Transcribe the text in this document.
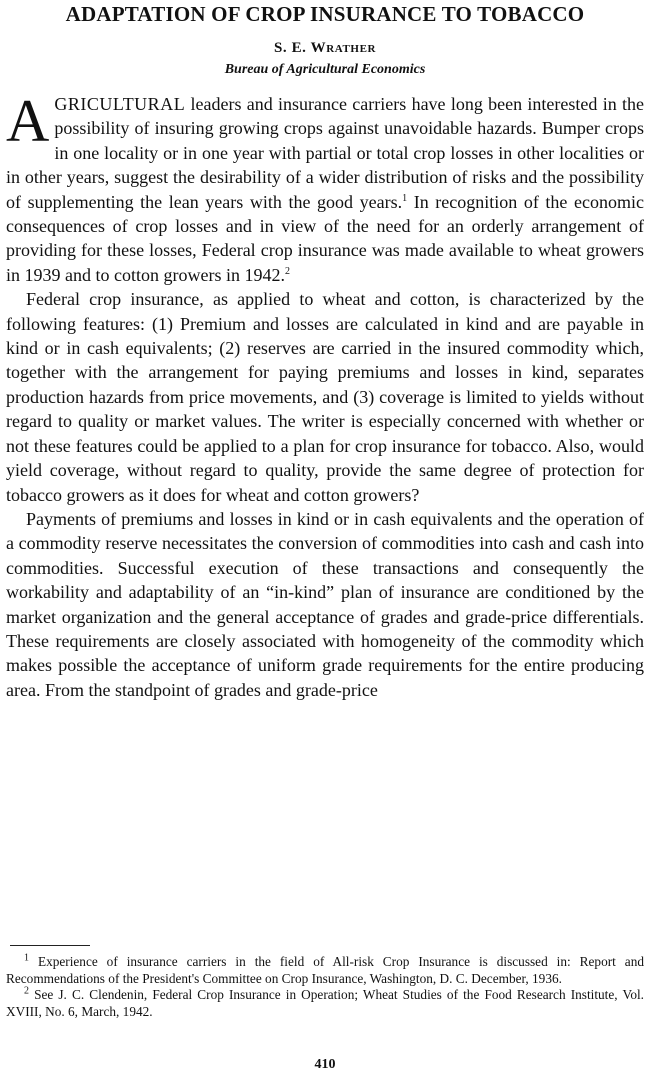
ADAPTATION OF CROP INSURANCE TO TOBACCO
S. E. Wrather
Bureau of Agricultural Economics

AGRICULTURAL leaders and insurance carriers have long been interested in the possibility of insuring growing crops against unavoidable hazards. Bumper crops in one locality or in one year with partial or total crop losses in other localities or in other years, suggest the desirability of a wider distribution of risks and the possibility of supplementing the lean years with the good years.$^1$ In recognition of the economic consequences of crop losses and in view of the need for an orderly arrangement of providing for these losses, Federal crop insurance was made available to wheat growers in 1939 and to cotton growers in 1942.$^2$

Federal crop insurance, as applied to wheat and cotton, is characterized by the following features: (1) Premium and losses are calculated in kind and are payable in kind or in cash equivalents; (2) reserves are carried in the insured commodity which, together with the arrangement for paying premiums and losses in kind, separates production hazards from price movements, and (3) coverage is limited to yields without regard to quality or market values. The writer is especially concerned with whether or not these features could be applied to a plan for crop insurance for tobacco. Also, would yield coverage, without regard to quality, provide the same degree of protection for tobacco growers as it does for wheat and cotton growers?

Payments of premiums and losses in kind or in cash equivalents and the operation of a commodity reserve necessitates the conversion of commodities into cash and cash into commodities. Successful execution of these transactions and consequently the workability and adaptability of an “in-kind” plan of insurance are conditioned by the market organization and the general acceptance of grades and grade-price differentials. These requirements are closely associated with homogeneity of the commodity which makes possible the acceptance of uniform grade requirements for the entire producing area. From the standpoint of grades and grade-price

$^1$ Experience of insurance carriers in the field of All-risk Crop Insurance is discussed in: Report and Recommendations of the President's Committee on Crop Insurance, Washington, D. C. December, 1936.

$^2$ See J. C. Clendenin, Federal Crop Insurance in Operation; Wheat Studies of the Food Research Institute, Vol. XVIII, No. 6, March, 1942.

410
